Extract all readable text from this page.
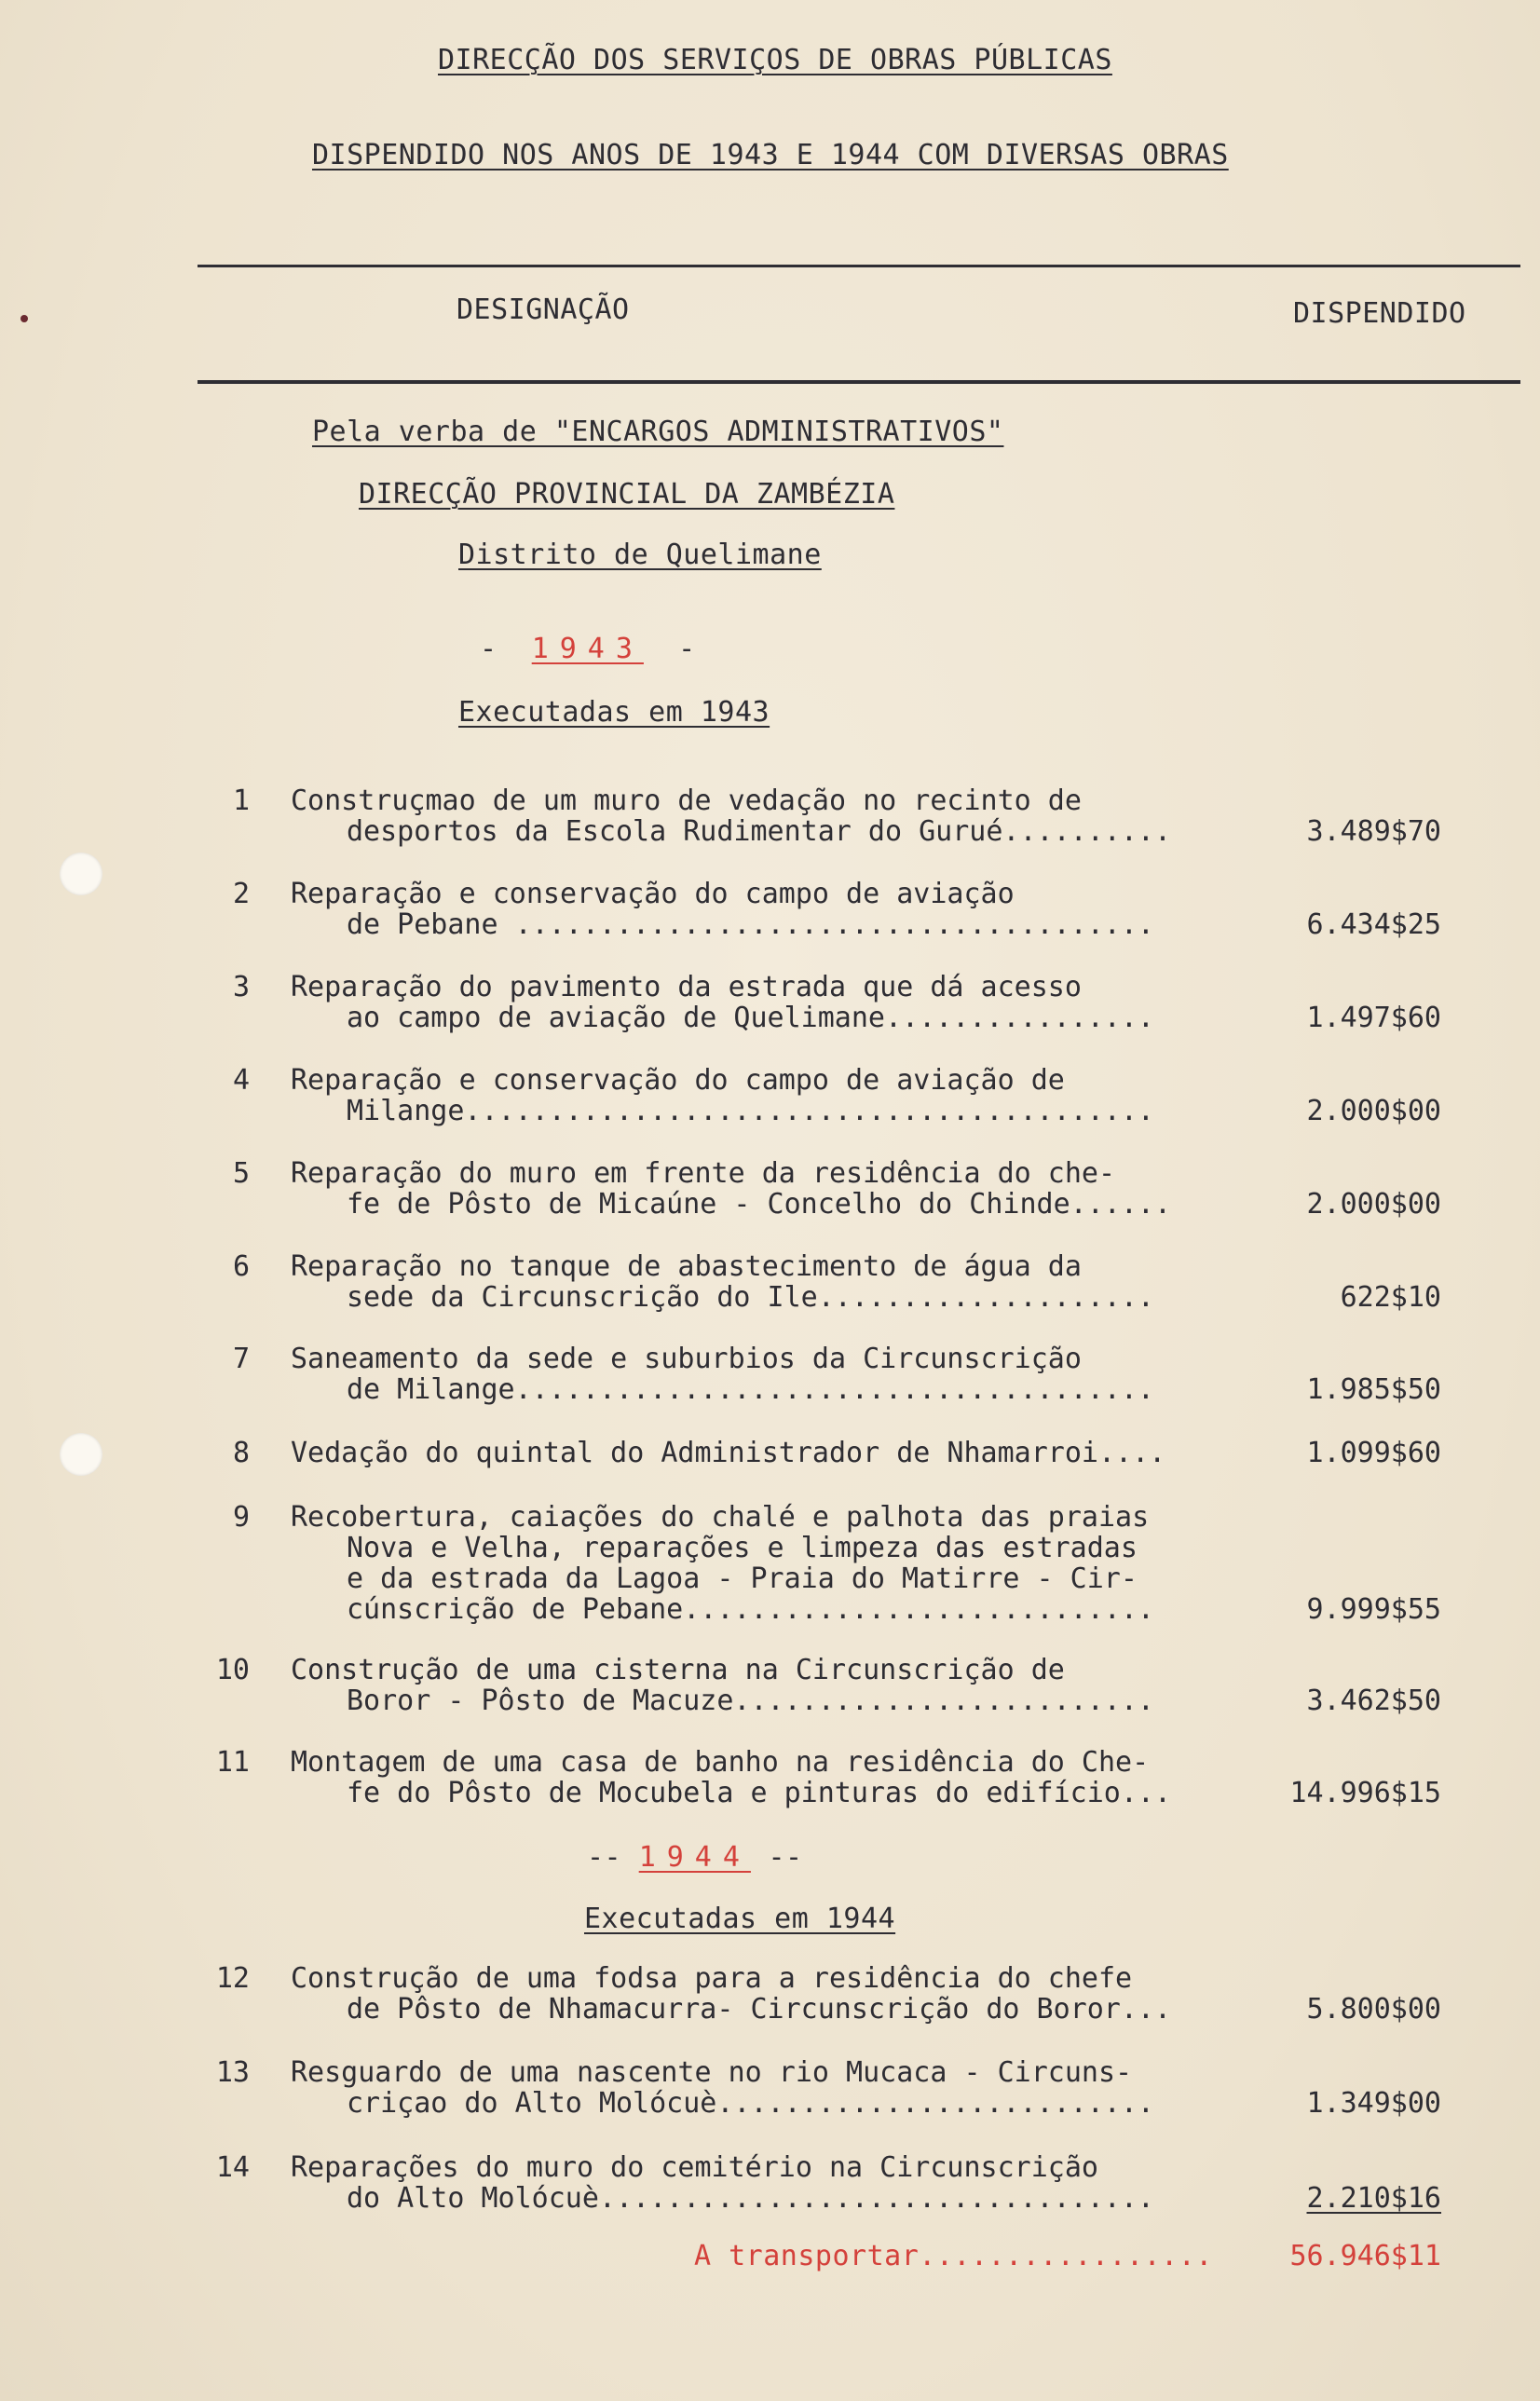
DIRECÇÃO DOS SERVIÇOS DE OBRAS PÚBLICAS
DISPENDIDO NOS ANOS DE 1943 E 1944 COM DIVERSAS OBRAS
DESIGNAÇÃO	DISPENDIDO
Pela verba de "ENCARGOS ADMINISTRATIVOS"
DIRECÇÃO PROVINCIAL DA ZAMBÉZIA
Distrito de Quelimane
- 1943 -
Executadas em 1943
1 Construçmao de um muro de vedação no recinto de
desportos da Escola Rudimentar do Gurué..........	3.489$70
2 Reparação e conservação do campo de aviação
de Pebane ......................................	6.434$25
3 Reparação do pavimento da estrada que dá acesso
ao campo de aviação de Quelimane................	1.497$60
4 Reparação e conservação do campo de aviação de
Milange.........................................	2.000$00
5 Reparação do muro em frente da residência do che-
fe de Pôsto de Micaúne - Concelho do Chinde......	2.000$00
6 Reparação no tanque de abastecimento de água da
sede da Circunscrição do Ile....................	622$10
7 Saneamento da sede e suburbios da Circunscrição
de Milange......................................	1.985$50
8 Vedação do quintal do Administrador de Nhamarroi....	1.099$60
9 Recobertura, caiações do chalé e palhota das praias
Nova e Velha, reparações e limpeza das estradas
e da estrada da Lagoa - Praia do Matirre - Cir-
cúnscrição de Pebane............................	9.999$55
10 Construção de uma cisterna na Circunscrição de
Boror - Pôsto de Macuze.........................	3.462$50
11 Montagem de uma casa de banho na residência do Che-
fe do Pôsto de Mocubela e pinturas do edifício...	14.996$15
-- 1944 --
Executadas em 1944
12 Construção de uma fodsa para a residência do chefe
de Pôsto de Nhamacurra- Circunscrição do Boror...	5.800$00
13 Resguardo de uma nascente no rio Mucaca - Circuns-
criçao do Alto Molócuè..........................	1.349$00
14 Reparações do muro do cemitério na Circunscrição
do Alto Molócuè.................................	2.210$16
A transportar.................	56.946$11
